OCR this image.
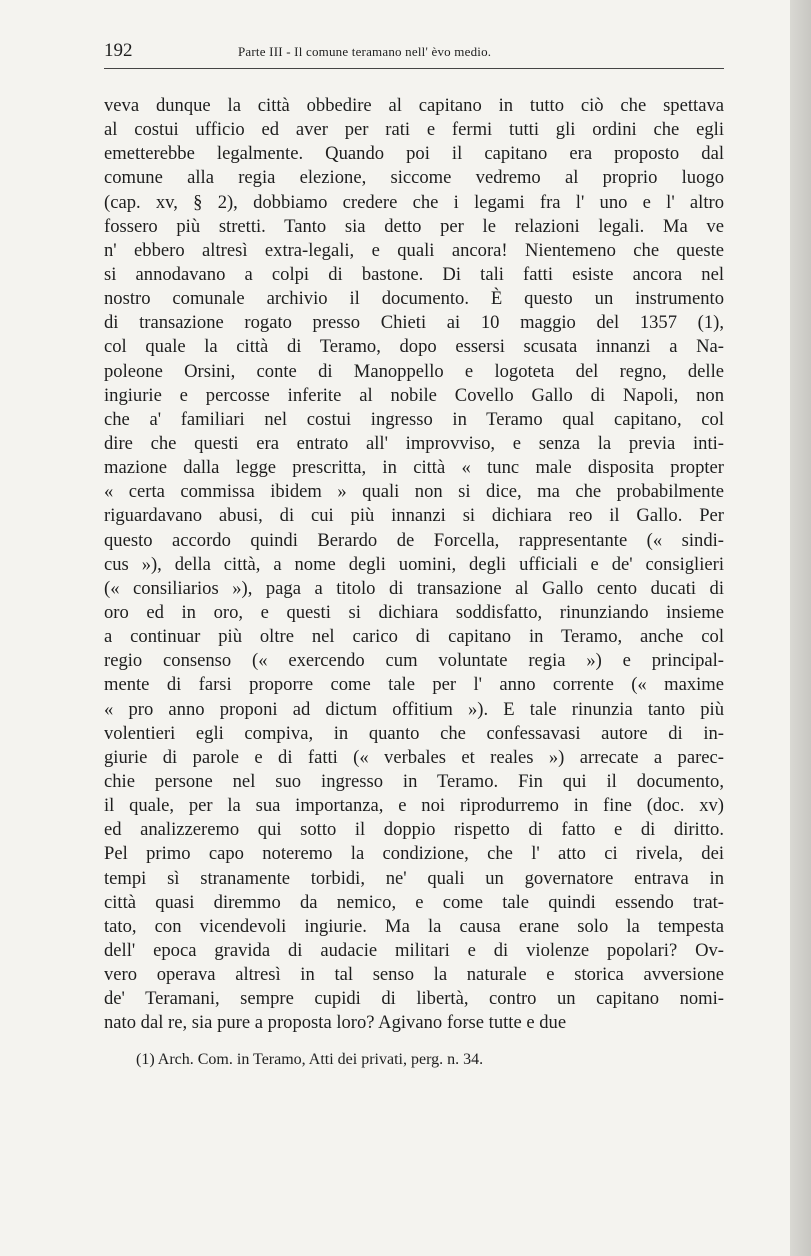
192	Parte III - Il comune teramano nell' èvo medio.
veva dunque la città obbedire al capitano in tutto ciò che spettava
al costui ufficio ed aver per rati e fermi tutti gli ordini che egli
emetterebbe legalmente. Quando poi il capitano era proposto dal
comune alla regia elezione, siccome vedremo al proprio luogo
(cap. xv, § 2), dobbiamo credere che i legami fra l' uno e l' altro
fossero più stretti. Tanto sia detto per le relazioni legali. Ma ve
n' ebbero altresì extra-legali, e quali ancora! Nientemeno che queste
si annodavano a colpi di bastone. Di tali fatti esiste ancora nel
nostro comunale archivio il documento. È questo un instrumento
di transazione rogato presso Chieti ai 10 maggio del 1357 (1),
col quale la città di Teramo, dopo essersi scusata innanzi a Na-
poleone Orsini, conte di Manoppello e logoteta del regno, delle
ingiurie e percosse inferite al nobile Covello Gallo di Napoli, non
che a' familiari nel costui ingresso in Teramo qual capitano, col
dire che questi era entrato all' improvviso, e senza la previa inti-
mazione dalla legge prescritta, in città « tunc male disposita propter
« certa commissa ibidem » quali non si dice, ma che probabilmente
riguardavano abusi, di cui più innanzi si dichiara reo il Gallo. Per
questo accordo quindi Berardo de Forcella, rappresentante (« sindi-
cus »), della città, a nome degli uomini, degli ufficiali e de' consiglieri
(« consiliarios »), paga a titolo di transazione al Gallo cento ducati di
oro ed in oro, e questi si dichiara soddisfatto, rinunziando insieme
a continuar più oltre nel carico di capitano in Teramo, anche col
regio consenso (« exercendo cum voluntate regia ») e principal-
mente di farsi proporre come tale per l' anno corrente (« maxime
« pro anno proponi ad dictum offitium »). E tale rinunzia tanto più
volentieri egli compiva, in quanto che confessavasi autore di in-
giurie di parole e di fatti (« verbales et reales ») arrecate a parec-
chie persone nel suo ingresso in Teramo. Fin qui il documento,
il quale, per la sua importanza, e noi riprodurremo in fine (doc. xv)
ed analizzeremo qui sotto il doppio rispetto di fatto e di diritto.
Pel primo capo noteremo la condizione, che l' atto ci rivela, dei
tempi sì stranamente torbidi, ne' quali un governatore entrava in
città quasi diremmo da nemico, e come tale quindi essendo trat-
tato, con vicendevoli ingiurie. Ma la causa erane solo la tempesta
dell' epoca gravida di audacie militari e di violenze popolari? Ov-
vero operava altresì in tal senso la naturale e storica avversione
de' Teramani, sempre cupidi di libertà, contro un capitano nomi-
nato dal re, sia pure a proposta loro? Agivano forse tutte e due
(1) Arch. Com. in Teramo, Atti dei privati, perg. n. 34.
